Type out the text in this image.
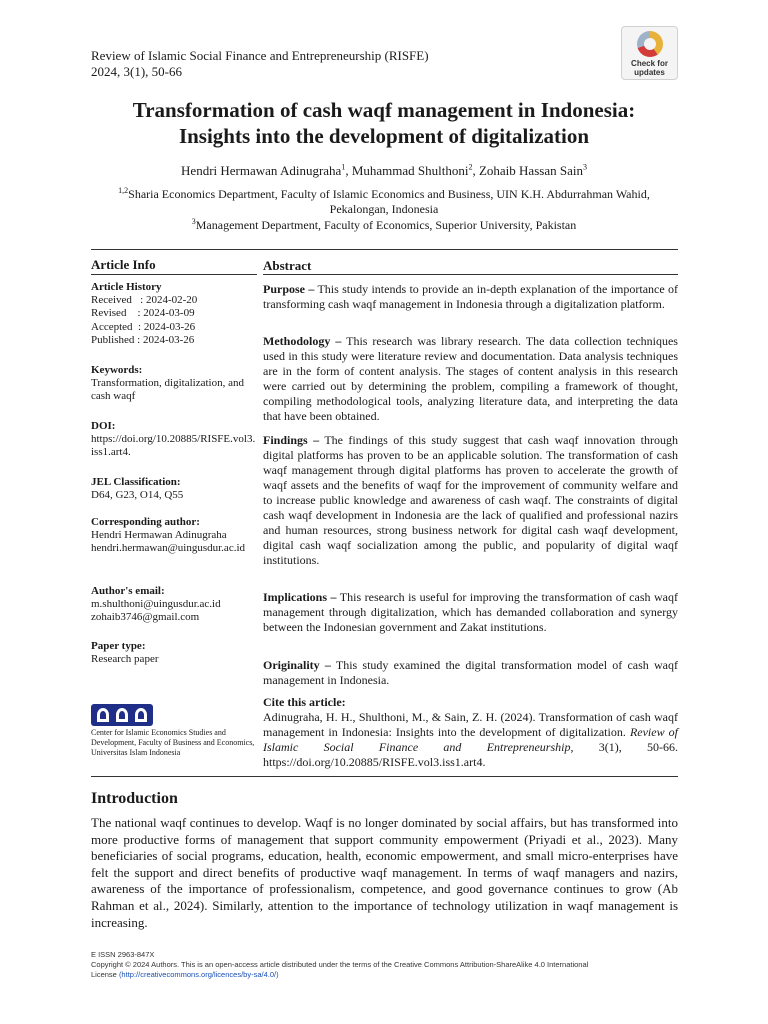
Review of Islamic Social Finance and Entrepreneurship (RISFE)
2024, 3(1), 50-66
Check for
updates
Transformation of cash waqf management in Indonesia:
Insights into the development of digitalization
Hendri Hermawan Adinugraha$^1$, Muhammad Shulthoni$^2$, Zohaib Hassan Sain$^3$
$^{1,2}$Sharia Economics Department, Faculty of Islamic Economics and Business, UIN K.H. Abdurrahman Wahid, Pekalongan, Indonesia
$^3$Management Department, Faculty of Economics, Superior University, Pakistan
Article Info	Abstract
Article History
Received   : 2024-02-20
Revised    : 2024-03-09
Accepted  : 2024-03-26
Published : 2024-03-26
Keywords:
Transformation, digitalization, and cash waqf
DOI:

https://doi.org/10.20885/RISFE.vol3.iss1.art4.

JEL Classification:
D64, G23, O14, Q55
Corresponding author:
Hendri Hermawan Adinugraha

hendri.hermawan@uingusdur.ac.id

Author's email:
m.shulthoni@uingusdur.ac.id
zohaib3746@gmail.com
Paper type:
Research paper
Center for Islamic Economics Studies and Development, Faculty of Business and Economics, Universitas Islam Indonesia
Purpose – This study intends to provide an in-depth explanation of the importance of transforming cash waqf management in Indonesia through a digitalization platform.
Methodology – This research was library research. The data collection techniques used in this study were literature review and documentation. Data analysis techniques are in the form of content analysis. The stages of content analysis in this research were carried out by determining the problem, compiling a framework of thought, compiling methodological tools, analyzing literature data, and interpreting the data that have been obtained.
Findings – The findings of this study suggest that cash waqf innovation through digital platforms has proven to be an applicable solution. The transformation of cash waqf management through digital platforms has proven to accelerate the growth of waqf assets and the benefits of waqf for the improvement of community welfare and to increase public knowledge and awareness of cash waqf. The constraints of digital cash waqf development in Indonesia are the lack of qualified and professional nazirs and human resources, strong business network for digital cash waqf development, digital cash waqf socialization among the public, and popularity of digital waqf institutions.
Implications – This research is useful for improving the transformation of cash waqf management through digitalization, which has demanded collaboration and synergy between the Indonesian government and Zakat institutions.
Originality – This study examined the digital transformation model of cash waqf management in Indonesia.
Cite this article:
Adinugraha, H. H., Shulthoni, M., & Sain, Z. H. (2024). Transformation of cash waqf management in Indonesia: Insights into the development of digitalization. Review of Islamic Social Finance and Entrepreneurship, 3(1), 50-66. https://doi.org/10.20885/RISFE.vol3.iss1.art4.
Introduction
The national waqf continues to develop. Waqf is no longer dominated by social affairs, but has transformed into more productive forms of management that support community empowerment (Priyadi et al., 2023). Many beneficiaries of social programs, education, health, economic empowerment, and small micro-enterprises have felt the support and direct benefits of productive waqf management. In terms of waqf managers and nazirs, awareness of the importance of professionalism, competence, and good governance continues to grow (Ab Rahman et al., 2024). Similarly, attention to the importance of technology utilization in waqf management is increasing.
E ISSN 2963-847X
Copyright © 2024 Authors. This is an open-access article distributed under the terms of the Creative Commons Attribution-ShareAlike 4.0 International
License (http://creativecommons.org/licences/by-sa/4.0/)
